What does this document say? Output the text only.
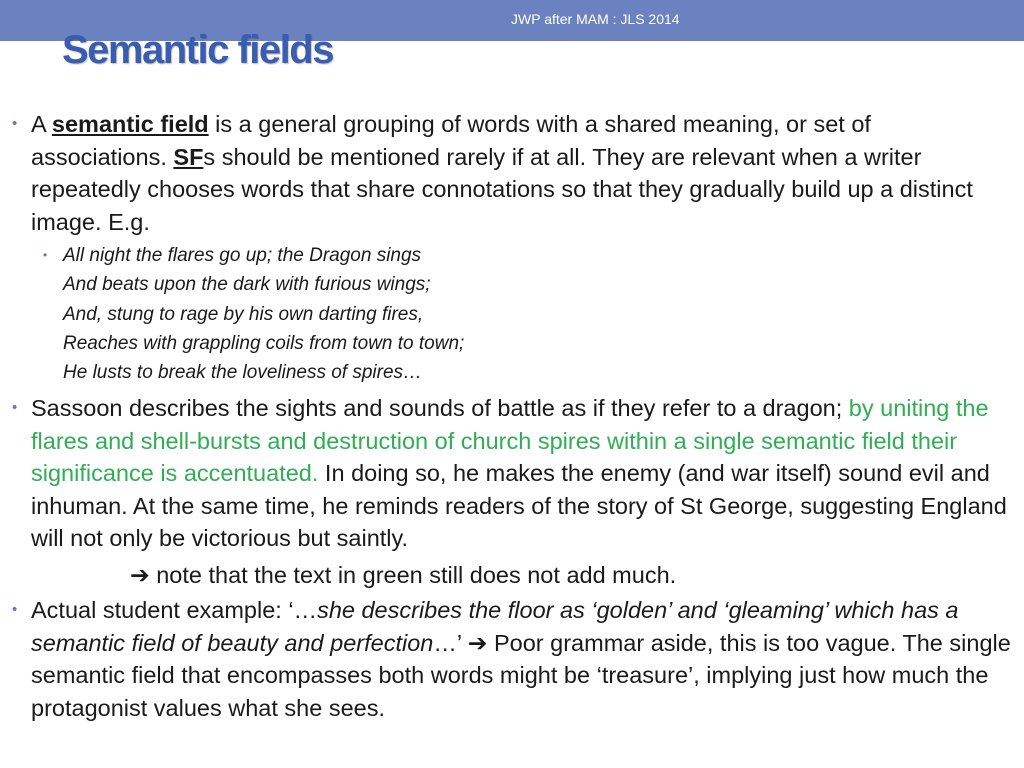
JWP after MAM : JLS 2014
Semantic fields
• A semantic field is a general grouping of words with a shared meaning, or set of associations. SFs should be mentioned rarely if at all. They are relevant when a writer repeatedly chooses words that share connotations so that they gradually build up a distinct image. E.g.
• All night the flares go up; the Dragon sings
And beats upon the dark with furious wings;
And, stung to rage by his own darting fires,
Reaches with grappling coils from town to town;
He lusts to break the loveliness of spires…
• Sassoon describes the sights and sounds of battle as if they refer to a dragon; by uniting the flares and shell-bursts and destruction of church spires within a single semantic field their significance is accentuated. In doing so, he makes the enemy (and war itself) sound evil and inhuman. At the same time, he reminds readers of the story of St George, suggesting England will not only be victorious but saintly.
➔ note that the text in green still does not add much.
• Actual student example: ‘…she describes the floor as ‘golden’ and ‘gleaming’ which has a semantic field of beauty and perfection…’ ➔ Poor grammar aside, this is too vague. The single semantic field that encompasses both words might be ‘treasure’, implying just how much the protagonist values what she sees.
